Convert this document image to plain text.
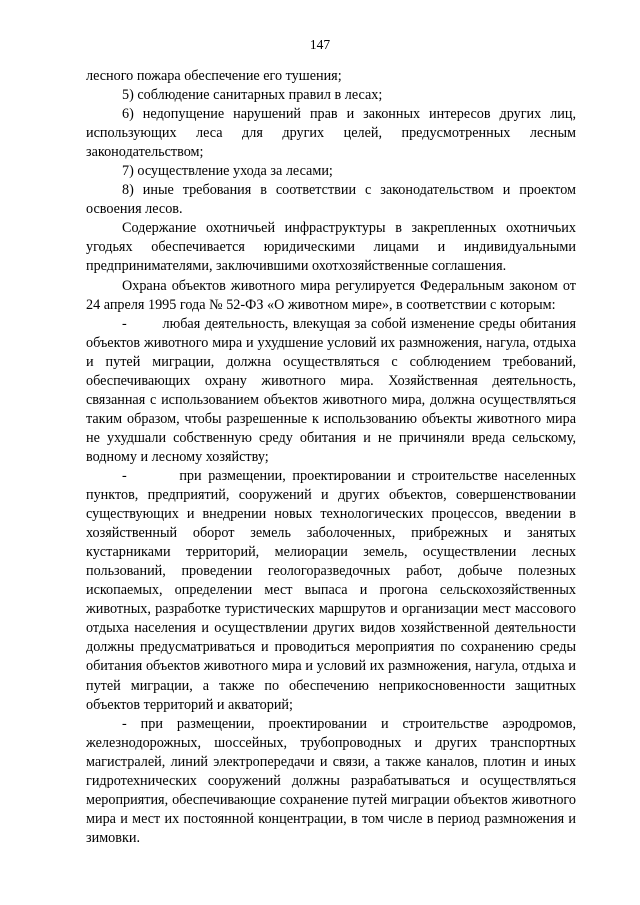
147

лесного пожара обеспечение его тушения;

5) соблюдение санитарных правил в лесах;

6) недопущение нарушений прав и законных интересов других лиц, использующих леса для других целей, предусмотренных лесным законодательством;

7) осуществление ухода за лесами;

8) иные требования в соответствии с законодательством и проектом освоения лесов.

Содержание охотничьей инфраструктуры в закрепленных охотничьих угодьях обеспечивается юридическими лицами и индивидуальными предпринимателями, заключившими охотхозяйственные соглашения.

Охрана объектов животного мира регулируется Федеральным законом от 24 апреля 1995 года № 52-ФЗ «О животном мире», в соответствии с которым:

-        любая деятельность, влекущая за собой изменение среды обитания объектов животного мира и ухудшение условий их размножения, нагула, отдыха и путей миграции, должна осуществляться с соблюдением требований, обеспечивающих охрану животного мира. Хозяйственная деятельность, связанная с использованием объектов животного мира, должна осуществляться таким образом, чтобы разрешенные к использованию объекты животного мира не ухудшали собственную среду обитания и не причиняли вреда сельскому, водному и лесному хозяйству;

-        при размещении, проектировании и строительстве населенных пунктов, предприятий, сооружений и других объектов, совершенствовании существующих и внедрении новых технологических процессов, введении в хозяйственный оборот земель заболоченных, прибрежных и занятых кустарниками территорий, мелиорации земель, осуществлении лесных пользований, проведении геологоразведочных работ, добыче полезных ископаемых, определении мест выпаса и прогона сельскохозяйственных животных, разработке туристических маршрутов и организации мест массового отдыха населения и осуществлении других видов хозяйственной деятельности должны предусматриваться и проводиться мероприятия по сохранению среды обитания объектов животного мира и условий их размножения, нагула, отдыха и путей миграции, а также по обеспечению неприкосновенности защитных объектов территорий и акваторий;

- при размещении, проектировании и строительстве аэродромов, железнодорожных, шоссейных, трубопроводных и других транспортных магистралей, линий электропередачи и связи, а также каналов, плотин и иных гидротехнических сооружений должны разрабатываться и осуществляться мероприятия, обеспечивающие сохранение путей миграции объектов животного мира и мест их постоянной концентрации, в том числе в период размножения и зимовки.
